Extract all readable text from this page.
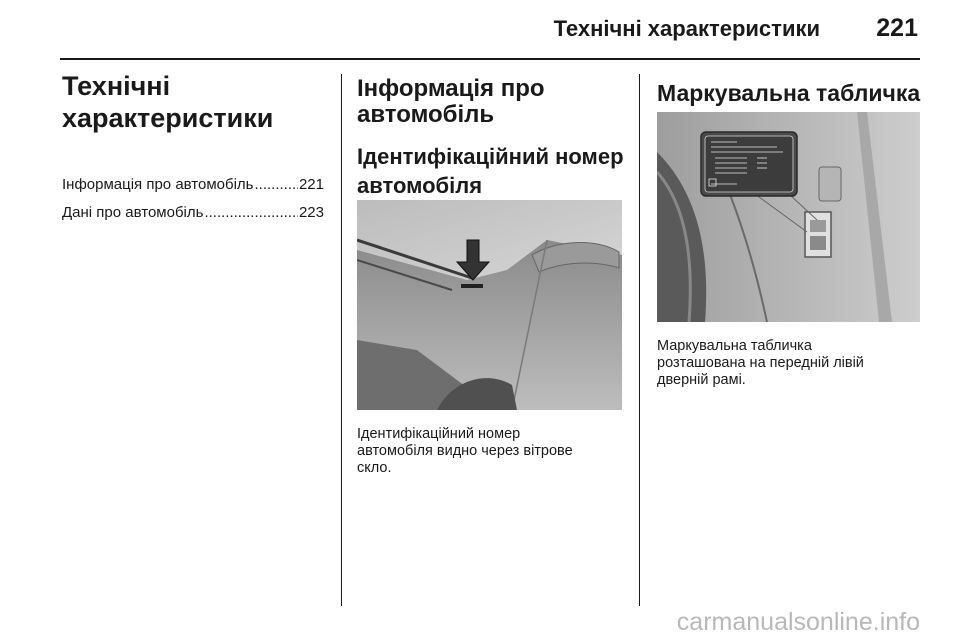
Технічні характеристики 221
Технічні
характеристики
Інформація про автомобіль .....	221
Дані про автомобіль .....	223
Інформація про
автомобіль
Ідентифікаційний номер
автомобіля
Ідентифікаційний номер
автомобіля видно через вітрове
скло.
Маркувальна табличка
Маркувальна табличка
розташована на передній лівій
дверній рамі.
carmanualsonline.info
